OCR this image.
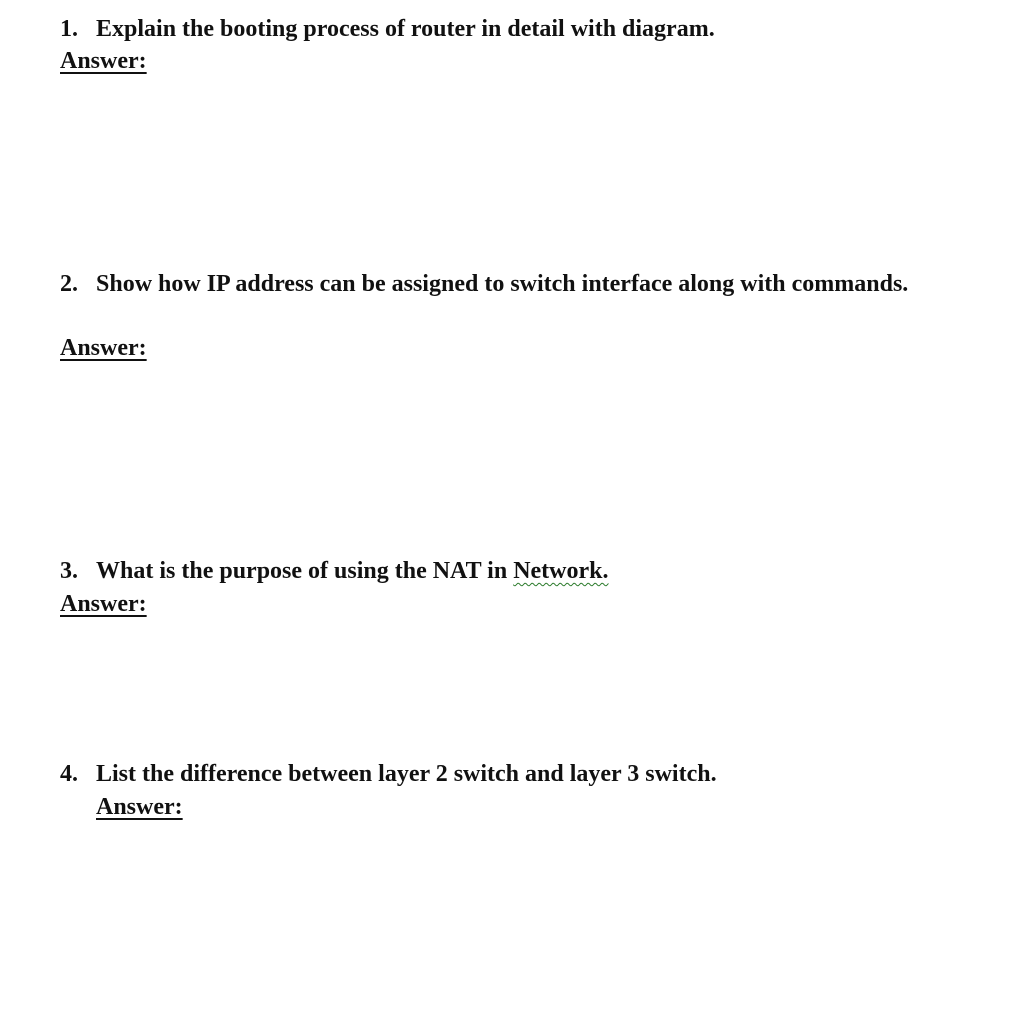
1. Explain the booting process of router in detail with diagram.
Answer:
2. Show how IP address can be assigned to switch interface along with commands.
Answer:
3. What is the purpose of using the NAT in Network.
Answer:
4. List the difference between layer 2 switch and layer 3 switch.
Answer:
